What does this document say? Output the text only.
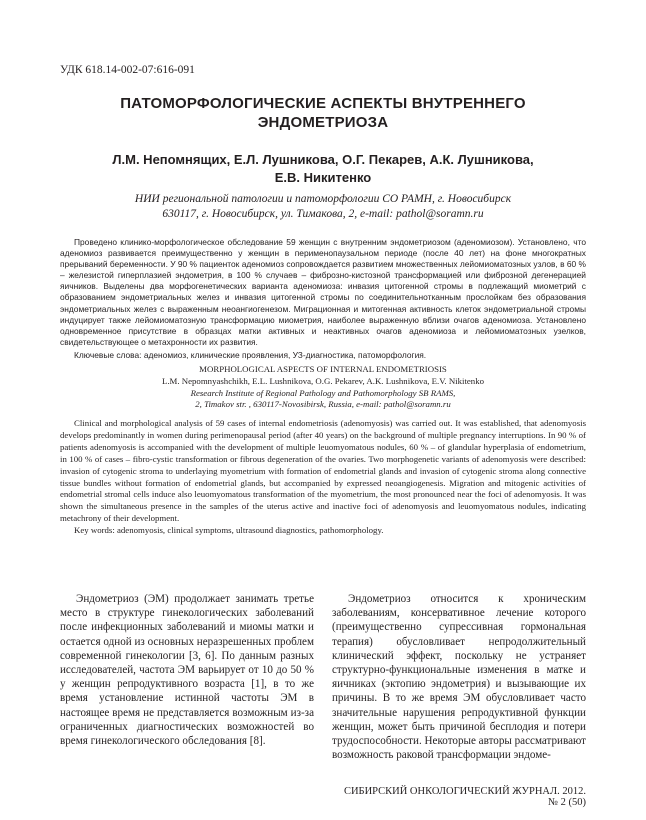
УДК 618.14-002-07:616-091
ПАТОМОРФОЛОГИЧЕСКИЕ АСПЕКТЫ ВНУТРЕННЕГО
ЭНДОМЕТРИОЗА
Л.М. Непомнящих, Е.Л. Лушникова, О.Г. Пекарев, А.К. Лушникова,
Е.В. Никитенко
НИИ региональной патологии и патоморфологии СО РАМН, г. Новосибирск
630117, г. Новосибирск, ул. Тимакова, 2, e-mail: pathol@soramn.ru

Проведено клинико-морфологическое обследование 59 женщин с внутренним эндометриозом (аденомиозом). Установлено, что аденомиоз развивается преимущественно у женщин в перименопаузальном периоде (после 40 лет) на фоне многократных прерываний беременности. У 90 % пациенток аденомиоз сопровождается развитием множественных лейомиоматозных узлов, в 60 % – железистой гиперплазией эндометрия, в 100 % случаев – фиброзно-кистозной трансформацией или фиброзной дегенерацией яичников. Выделены два морфогенетических варианта аденомиоза: инвазия цитогенной стромы в подлежащий миометрий с образованием эндометриальных желез и инвазия цитогенной стромы по соединительнотканным прослойкам без образования эндометриальных желез с выраженным неоангиогенезом. Миграционная и митогенная активность клеток эндометриальной стромы индуцирует также лейомиоматозную трансформацию миометрия, наиболее выраженную вблизи очагов аденомиоза. Установлено одновременное присутствие в образцах матки активных и неактивных очагов аденомиоза и лейомиоматозных узелков, свидетельствующее о метахронности их развития.

Ключевые слова: аденомиоз, клинические проявления, УЗ-диагностика, патоморфология.

MORPHOLOGICAL ASPECTS OF INTERNAL ENDOMETRIOSIS
L.M. Nepomnyashchikh, E.L. Lushnikova, O.G. Pekarev, A.K. Lushnikova, E.V. Nikitenko
Research Institute of Regional Pathology and Pathomorphology SB RAMS,
2, Timakov str. , 630117-Novosibirsk, Russia, e-mail: pathol@soramn.ru

Clinical and morphological analysis of 59 cases of internal endometriosis (adenomyosis) was carried out. It was established, that adenomyosis develops predominantly in women during perimenopausal period (after 40 years) on the background of multiple pregnancy interruptions. In 90 % of patients adenomyosis is accompanied with the development of multiple leuomyomatous nodules, 60 % – of glandular hyperplasia of endometrium, in 100 % of cases – fibro-cystic transformation or fibrous degeneration of the ovaries. Two morphogenetic variants of adenomyosis were described: invasion of cytogenic stroma to underlaying myometrium with formation of endometrial glands and invasion of cytogenic stroma along connective tissue bundles without formation of endometrial glands, but accompanied by expressed neoangiogenesis. Migration and mitogenic activities of endometrial stromal cells induce also leuomyomatous transformation of the myometrium, the most pronounced near the foci of adenomyosis. It was shown the simultaneous presence in the samples of the uterus active and inactive foci of adenomyosis and leuomyomatous nodules, indicating metachrony of their development.

Key words: adenomyosis, clinical symptoms, ultrasound diagnostics, pathomorphology.

Эндометриоз (ЭМ) продолжает занимать третье место в структуре гинекологических заболеваний после инфекционных заболеваний и миомы матки и остается одной из основных неразрешенных проблем современной гинекологии [3, 6]. По данным разных исследователей, частота ЭМ варьирует от 10 до 50 % у женщин репродуктивного возраста [1], в то же время установление истинной частоты ЭМ в настоящее время не представляется возможным из-за ограниченных диагностических возможностей во время гинекологического обследования [8].

Эндометриоз относится к хроническим заболеваниям, консервативное лечение которого (преимущественно супрессивная гормональная терапия) обусловливает непродолжительный клинический эффект, поскольку не устраняет структурно-функциональные изменения в матке и яичниках (эктопию эндометрия) и вызывающие их причины. В то же время ЭМ обусловливает часто значительные нарушения репродуктивной функции женщин, может быть причиной бесплодия и потери трудоспособности. Некоторые авторы рассматривают возможность раковой трансформации эндоме-

СИБИРСКИЙ ОНКОЛОГИЧЕСКИЙ ЖУРНАЛ. 2012. № 2 (50)
